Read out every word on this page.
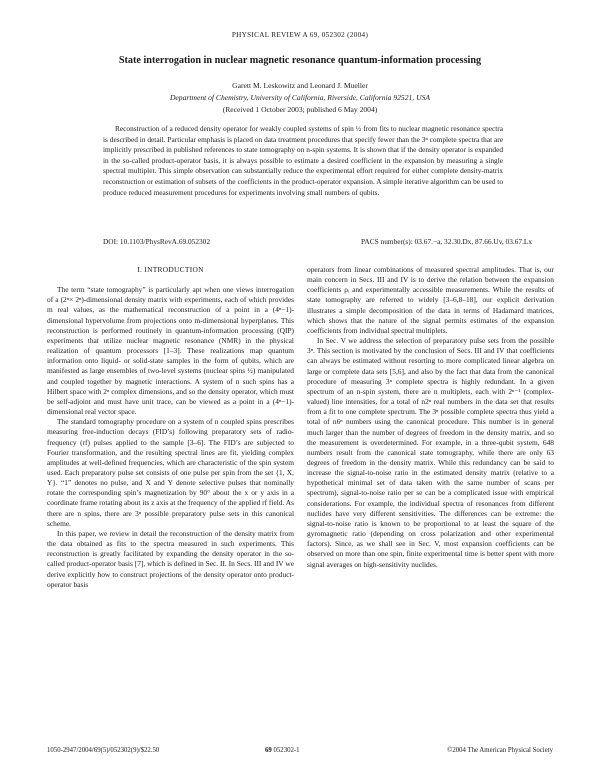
PHYSICAL REVIEW A 69, 052302 (2004)
State interrogation in nuclear magnetic resonance quantum-information processing
Garett M. Leskowitz and Leonard J. Mueller
Department of Chemistry, University of California, Riverside, California 92521, USA
(Received 1 October 2003; published 6 May 2004)
Reconstruction of a reduced density operator for weakly coupled systems of spin ½ from fits to nuclear magnetic resonance spectra is described in detail. Particular emphasis is placed on data treatment procedures that specify fewer than the 3ⁿ complete spectra that are implicitly prescribed in published references to state tomography on n-spin systems. It is shown that if the density operator is expanded in the so-called product-operator basis, it is always possible to estimate a desired coefficient in the expansion by measuring a single spectral multiplet. This simple observation can substantially reduce the experimental effort required for either complete density-matrix reconstruction or estimation of subsets of the coefficients in the product-operator expansion. A simple iterative algorithm can be used to produce reduced measurement procedures for experiments involving small numbers of qubits.
DOI: 10.1103/PhysRevA.69.052302	PACS number(s): 03.67.−a, 32.30.Dx, 87.66.Uv, 03.67.Lx
I. INTRODUCTION

The term “state tomography” is particularly apt when one views interrogation of a (2ⁿ× 2ⁿ)-dimensional density matrix with experiments, each of which provides m real values, as the mathematical reconstruction of a point in a (4ⁿ−1)-dimensional hypervolume from projections onto m-dimensional hyperplanes. This reconstruction is performed routinely in quantum-information processing (QIP) experiments that utilize nuclear magnetic resonance (NMR) in the physical realization of quantum processors [1–3]. These realizations map quantum information onto liquid- or solid-state samples in the form of qubits, which are manifested as large ensembles of two-level systems (nuclear spins ½) manipulated and coupled together by magnetic interactions. A system of n such spins has a Hilbert space with 2ⁿ complex dimensions, and so the density operator, which must be self-adjoint and must have unit trace, can be viewed as a point in a (4ⁿ−1)-dimensional real vector space.

The standard tomography procedure on a system of n coupled spins prescribes measuring free-induction decays (FID’s) following preparatory sets of radio-frequency (rf) pulses applied to the sample [3–6]. The FID’s are subjected to Fourier transformation, and the resulting spectral lines are fit, yielding complex amplitudes at well-defined frequencies, which are characteristic of the spin system used. Each preparatory pulse set consists of one pulse per spin from the set {1, X, Y}. “1” denotes no pulse, and X and Y denote selective pulses that nominally rotate the corresponding spin’s magnetization by 90° about the x or y axis in a coordinate frame rotating about its z axis at the frequency of the applied rf field. As there are n spins, there are 3ⁿ possible preparatory pulse sets in this canonical scheme.

In this paper, we review in detail the reconstruction of the density matrix from the data obtained as fits to the spectra measured in such experiments. This reconstruction is greatly facilitated by expanding the density operator in the so-called product-operator basis [7], which is defined in Sec. II. In Secs. III and IV we derive explicitly how to construct projections of the density operator onto product-operator basis

operators from linear combinations of measured spectral amplitudes. That is, our main concern in Secs. III and IV is to derive the relation between the expansion coefficients ρᵢ and experimentally accessible measurements. While the results of state tomography are referred to widely [3–6,8–18], our explicit derivation illustrates a simple decomposition of the data in terms of Hadamard matrices, which shows that the nature of the signal permits estimates of the expansion coefficients from individual spectral multiplets.

In Sec. V we address the selection of preparatory pulse sets from the possible 3ⁿ. This section is motivated by the conclusion of Secs. III and IV that coefficients can always be estimated without resorting to more complicated linear algebra on large or complete data sets [5,6], and also by the fact that data from the canonical procedure of measuring 3ⁿ complete spectra is highly redundant. In a given spectrum of an n-spin system, there are n multiplets, each with 2ⁿ⁻¹ (complex-valued) line intensities, for a total of n2ⁿ real numbers in the data set that results from a fit to one complete spectrum. The 3ⁿ possible complete spectra thus yield a total of n6ⁿ numbers using the canonical procedure. This number is in general much larger than the number of degrees of freedom in the density matrix, and so the measurement is overdetermined. For example, in a three-qubit system, 648 numbers result from the canonical state tomography, while there are only 63 degrees of freedom in the density matrix. While this redundancy can be said to increase the signal-to-noise ratio in the estimated density matrix (relative to a hypothetical minimal set of data taken with the same number of scans per spectrum), signal-to-noise ratio per se can be a complicated issue with empirical considerations. For example, the individual spectra of resonances from different nuclides have very different sensitivities. The differences can be extreme: the signal-to-noise ratio is known to be proportional to at least the square of the gyromagnetic ratio (depending on cross polarization and other experimental factors). Since, as we shall see in Sec. V, most expansion coefficients can be observed on more than one spin, finite experimental time is better spent with more signal averages on high-sensitivity nuclides.

1050-2947/2004/69(5)/052302(9)/$22.50	69 052302-1	©2004 The American Physical Society
